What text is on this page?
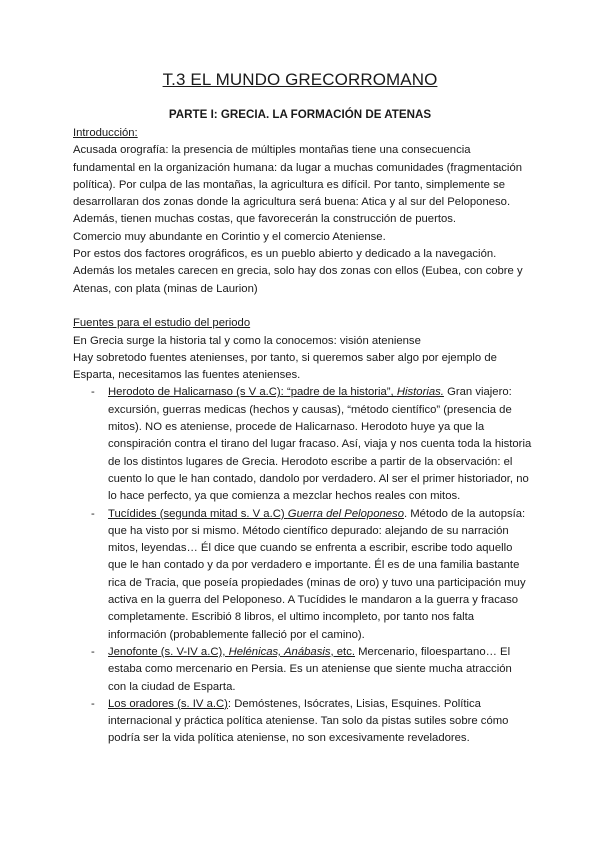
T.3 EL MUNDO GRECORROMANO
PARTE I: GRECIA. LA FORMACIÓN DE ATENAS
Introducción:

Acusada orografía: la presencia de múltiples montañas tiene una consecuencia fundamental en la organización humana: da lugar a muchas comunidades (fragmentación política). Por culpa de las montañas, la agricultura es difícil. Por tanto, simplemente se desarrollaran dos zonas donde la agricultura será buena: Atica y al sur del Peloponeso.

Además, tienen muchas costas, que favorecerán la construcción de puertos.

Comercio muy abundante en Corintio y el comercio Ateniense.

Por estos dos factores orográficos, es un pueblo abierto y dedicado a la navegación.

Además los metales carecen en grecia, solo hay dos zonas con ellos (Eubea, con cobre y Atenas, con plata (minas de Laurion)

Fuentes para el estudio del periodo

En Grecia surge la historia tal y como la conocemos: visión ateniense

Hay sobretodo fuentes atenienses, por tanto, si queremos saber algo por ejemplo de Esparta, necesitamos las fuentes atenienses.

- Herodoto de Halicarnaso (s V a.C): “padre de la historia”, Historias. Gran viajero: excursión, guerras medicas (hechos y causas), “método científico” (presencia de mitos). NO es ateniense, procede de Halicarnaso. Herodoto huye ya que la conspiración contra el tirano del lugar fracaso. Así, viaja y nos cuenta toda la historia de los distintos lugares de Grecia. Herodoto escribe a partir de la observación: el cuento lo que le han contado, dandolo por verdadero. Al ser el primer historiador, no lo hace perfecto, ya que comienza a mezclar hechos reales con mitos.
- Tucídides (segunda mitad s. V a.C) Guerra del Peloponeso. Método de la autopsía: que ha visto por si mismo. Método científico depurado: alejando de su narración mitos, leyendas… Él dice que cuando se enfrenta a escribir, escribe todo aquello que le han contado y da por verdadero e importante. Él es de una familia bastante rica de Tracia, que poseía propiedades (minas de oro) y tuvo una participación muy activa en la guerra del Peloponeso. A Tucídides le mandaron a la guerra y fracaso completamente. Escribió 8 libros, el ultimo incompleto, por tanto nos falta información (probablemente falleció por el camino).
- Jenofonte (s. V-IV a.C), Helénicas, Anábasis, etc. Mercenario, filoespartano… El estaba como mercenario en Persia. Es un ateniense que siente mucha atracción con la ciudad de Esparta.
- Los oradores (s. IV a.C): Demóstenes, Isócrates, Lisias, Esquines. Política internacional y práctica política ateniense. Tan solo da pistas sutiles sobre cómo podría ser la vida política ateniense, no son excesivamente reveladores.
